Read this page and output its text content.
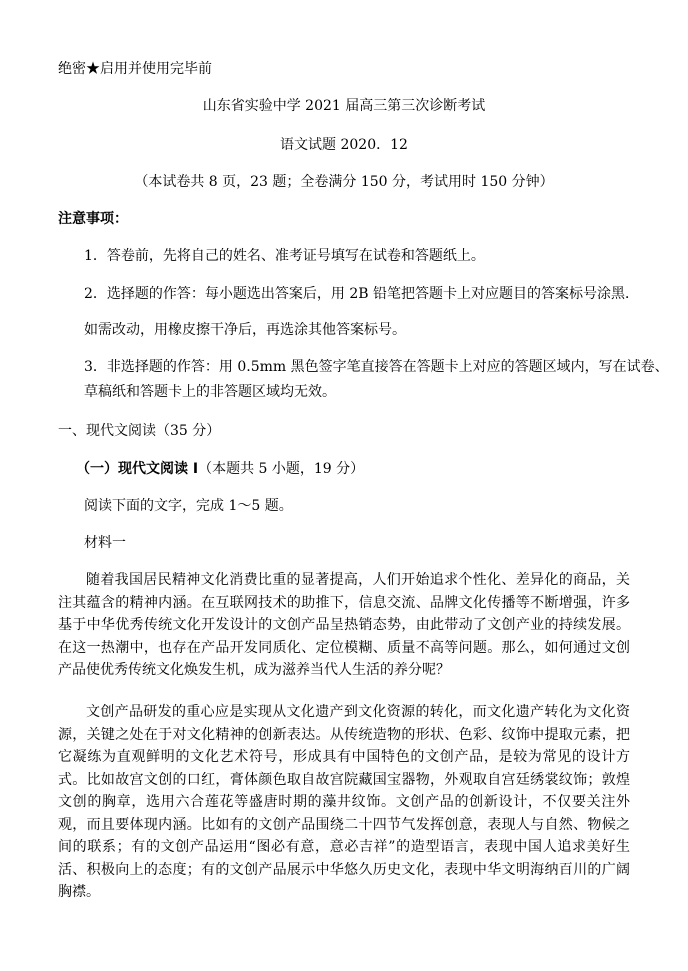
绝密★启用并使用完毕前
山东省实验中学 2021 届高三第三次诊断考试
语文试题 2020．12
（本试卷共 8 页，23 题；全卷满分 150 分，考试用时 150 分钟）
注意事项：
1．答卷前，先将自己的姓名、准考证号填写在试卷和答题纸上。
2．选择题的作答：每小题选出答案后，用 2B 铅笔把答题卡上对应题目的答案标号涂黑．
如需改动，用橡皮擦干净后，再选涂其他答案标号。
3．非选择题的作答：用 0.5mm 黑色签字笔直接答在答题卡上对应的答题区域内，写在试卷、
草稿纸和答题卡上的非答题区域均无效。
一、现代文阅读（35 分）
（一）现代文阅读 I（本题共 5 小题，19 分）
阅读下面的文字，完成 1～5 题。
材料一
随着我国居民精神文化消费比重的显著提高，人们开始追求个性化、差异化的商品，关注其蕴含的精神内涵。在互联网技术的助推下，信息交流、品牌文化传播等不断增强，许多基于中华优秀传统文化开发设计的文创产品呈热销态势，由此带动了文创产业的持续发展。在这一热潮中，也存在产品开发同质化、定位模糊、质量不高等问题。那么，如何通过文创产品使优秀传统文化焕发生机，成为滋养当代人生活的养分呢？
文创产品研发的重心应是实现从文化遗产到文化资源的转化，而文化遗产转化为文化资源，关键之处在于对文化精神的创新表达。从传统造物的形状、色彩、纹饰中提取元素，把它凝练为直观鲜明的文化艺术符号，形成具有中国特色的文创产品，是较为常见的设计方式。比如故宫文创的口红，膏体颜色取自故宫院藏国宝器物，外观取自宫廷绣裳纹饰；敦煌文创的胸章，选用六合莲花等盛唐时期的藻井纹饰。文创产品的创新设计，不仅要关注外观，而且要体现内涵。比如有的文创产品围绕二十四节气发挥创意，表现人与自然、物候之间的联系；有的文创产品运用“图必有意，意必吉祥”的造型语言，表现中国人追求美好生活、积极向上的态度；有的文创产品展示中华悠久历史文化，表现中华文明海纳百川的广阔胸襟。
